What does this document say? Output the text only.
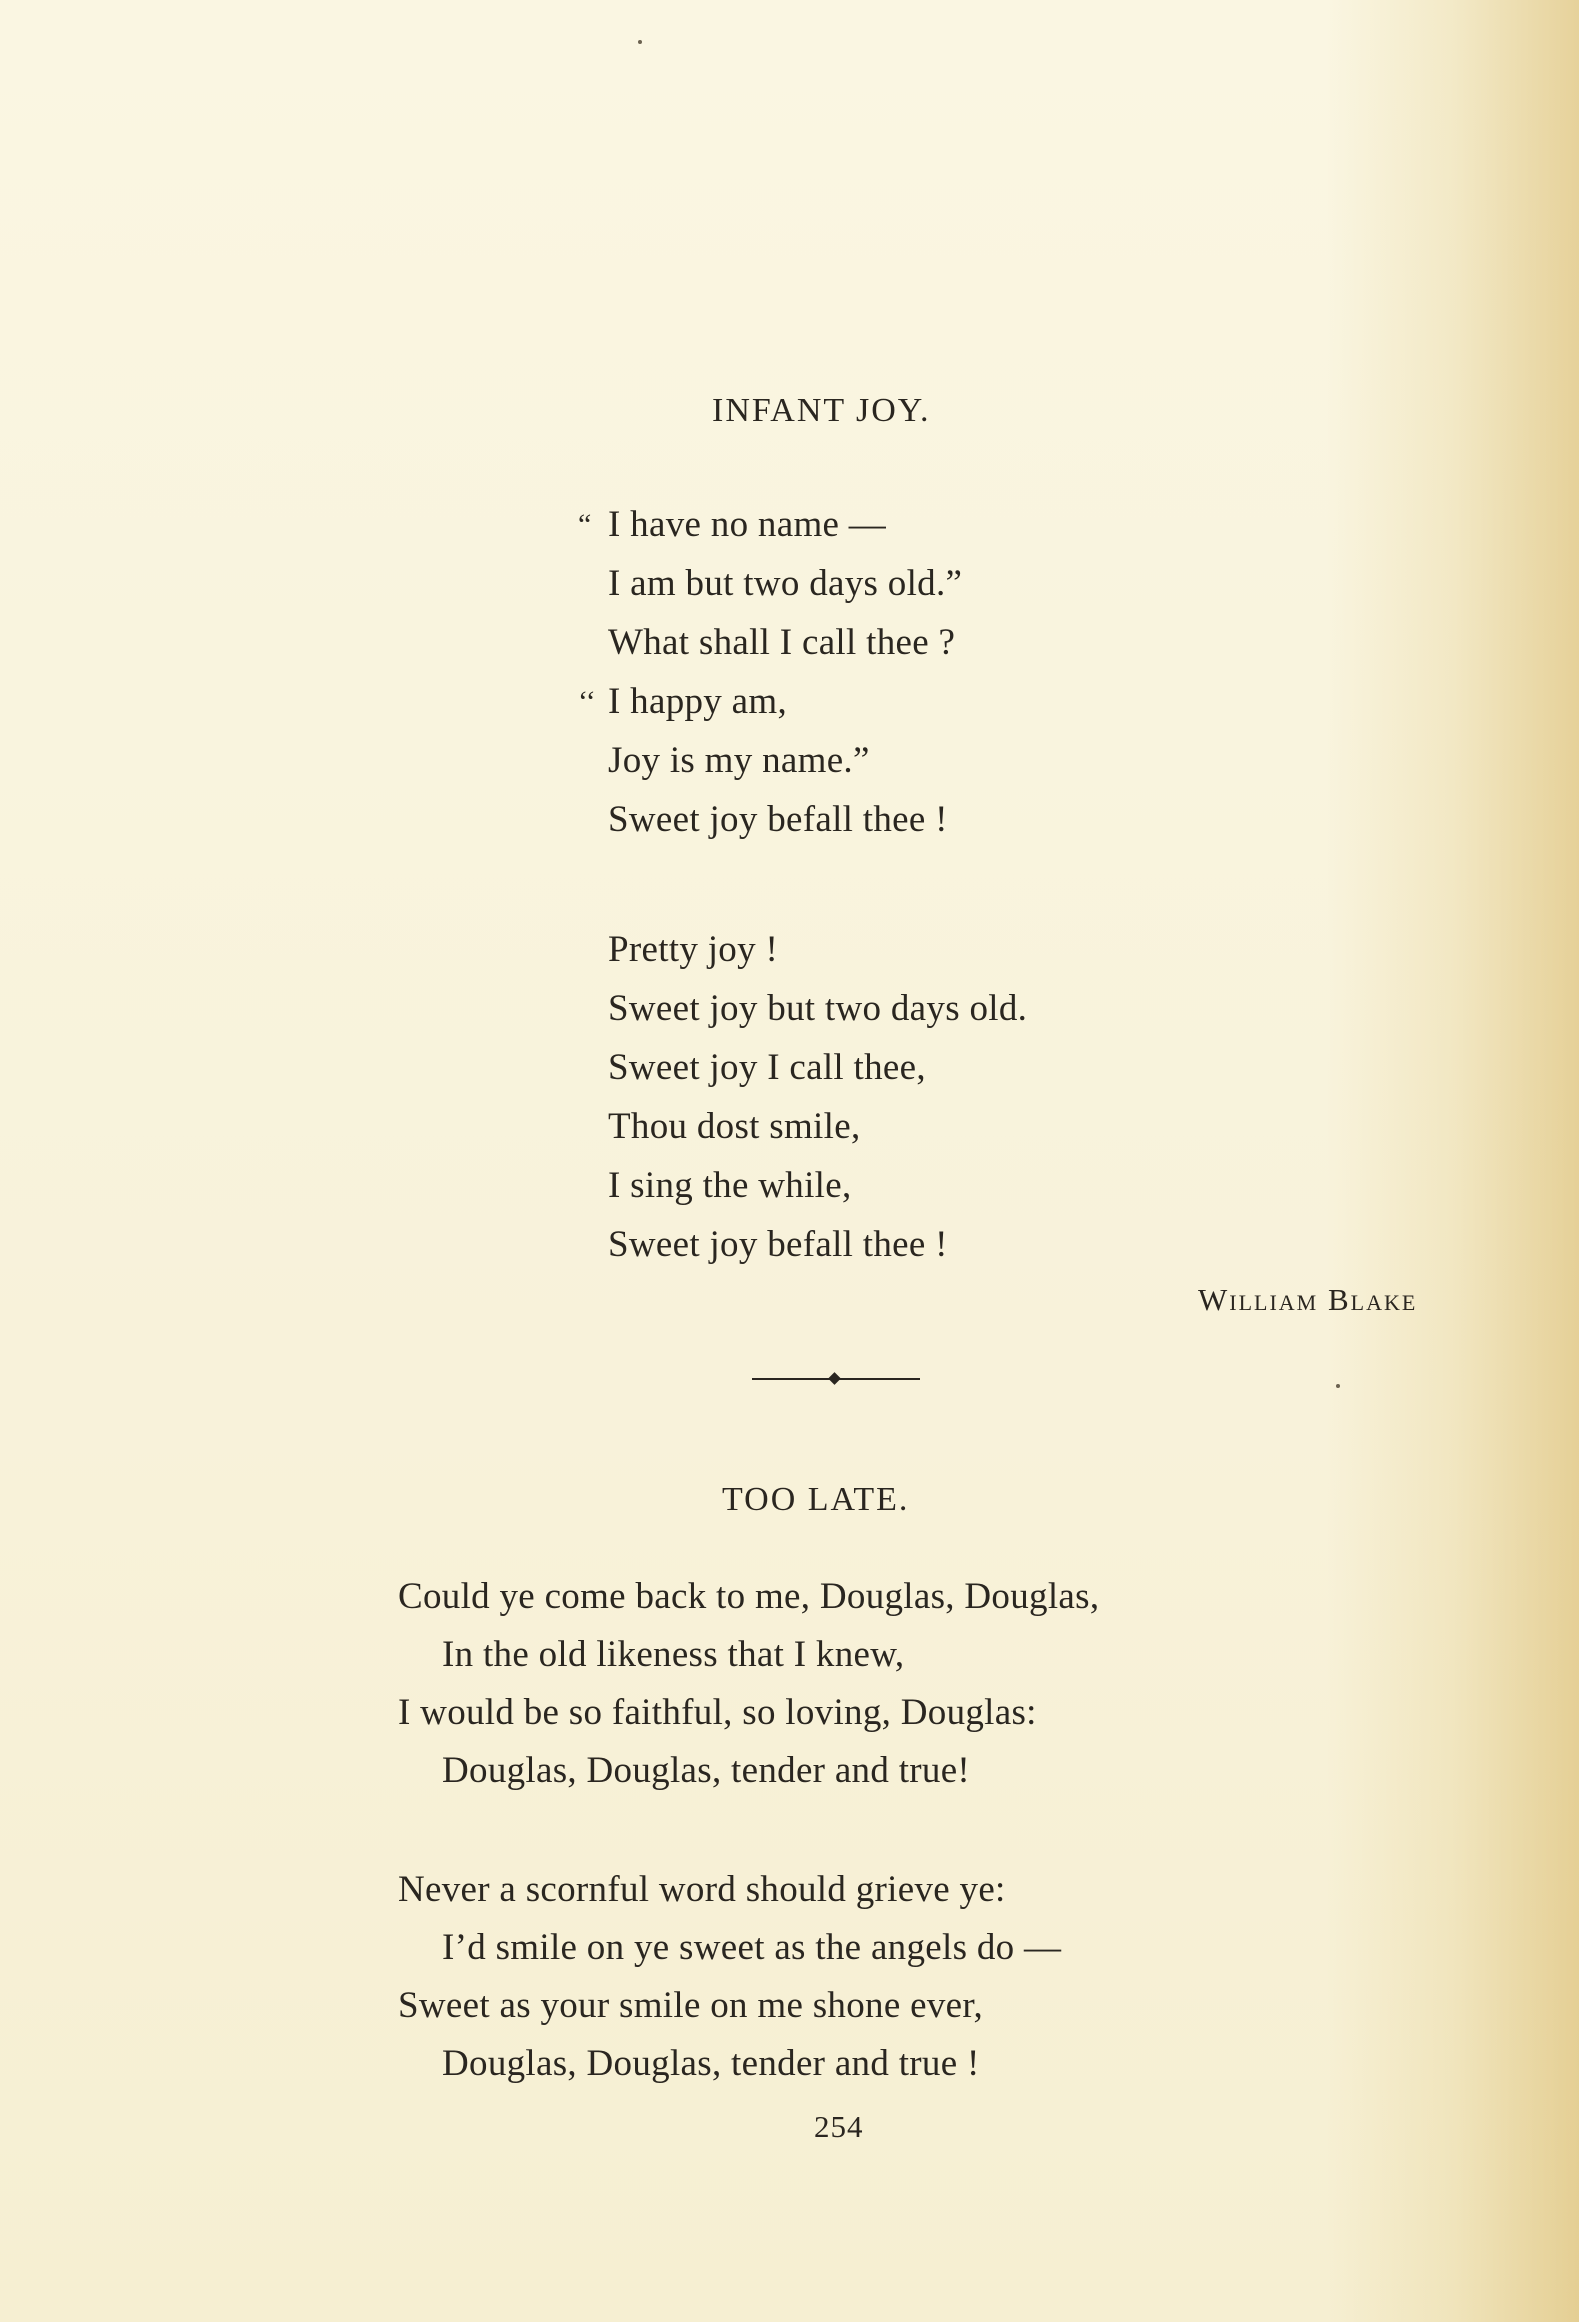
INFANT JOY.
“ I have no name —
I am but two days old.”
What shall I call thee ?
‘‘ I happy am,
Joy is my name.”
Sweet joy befall thee !
Pretty joy !
Sweet joy but two days old.
Sweet joy I call thee,
Thou dost smile,
I sing the while,
Sweet joy befall thee !
William Blake
TOO LATE.
Could ye come back to me, Douglas, Douglas,
In the old likeness that I knew,
I would be so faithful, so loving, Douglas:
Douglas, Douglas, tender and true!
Never a scornful word should grieve ye:
I’d smile on ye sweet as the angels do —
Sweet as your smile on me shone ever,
Douglas, Douglas, tender and true !
254
